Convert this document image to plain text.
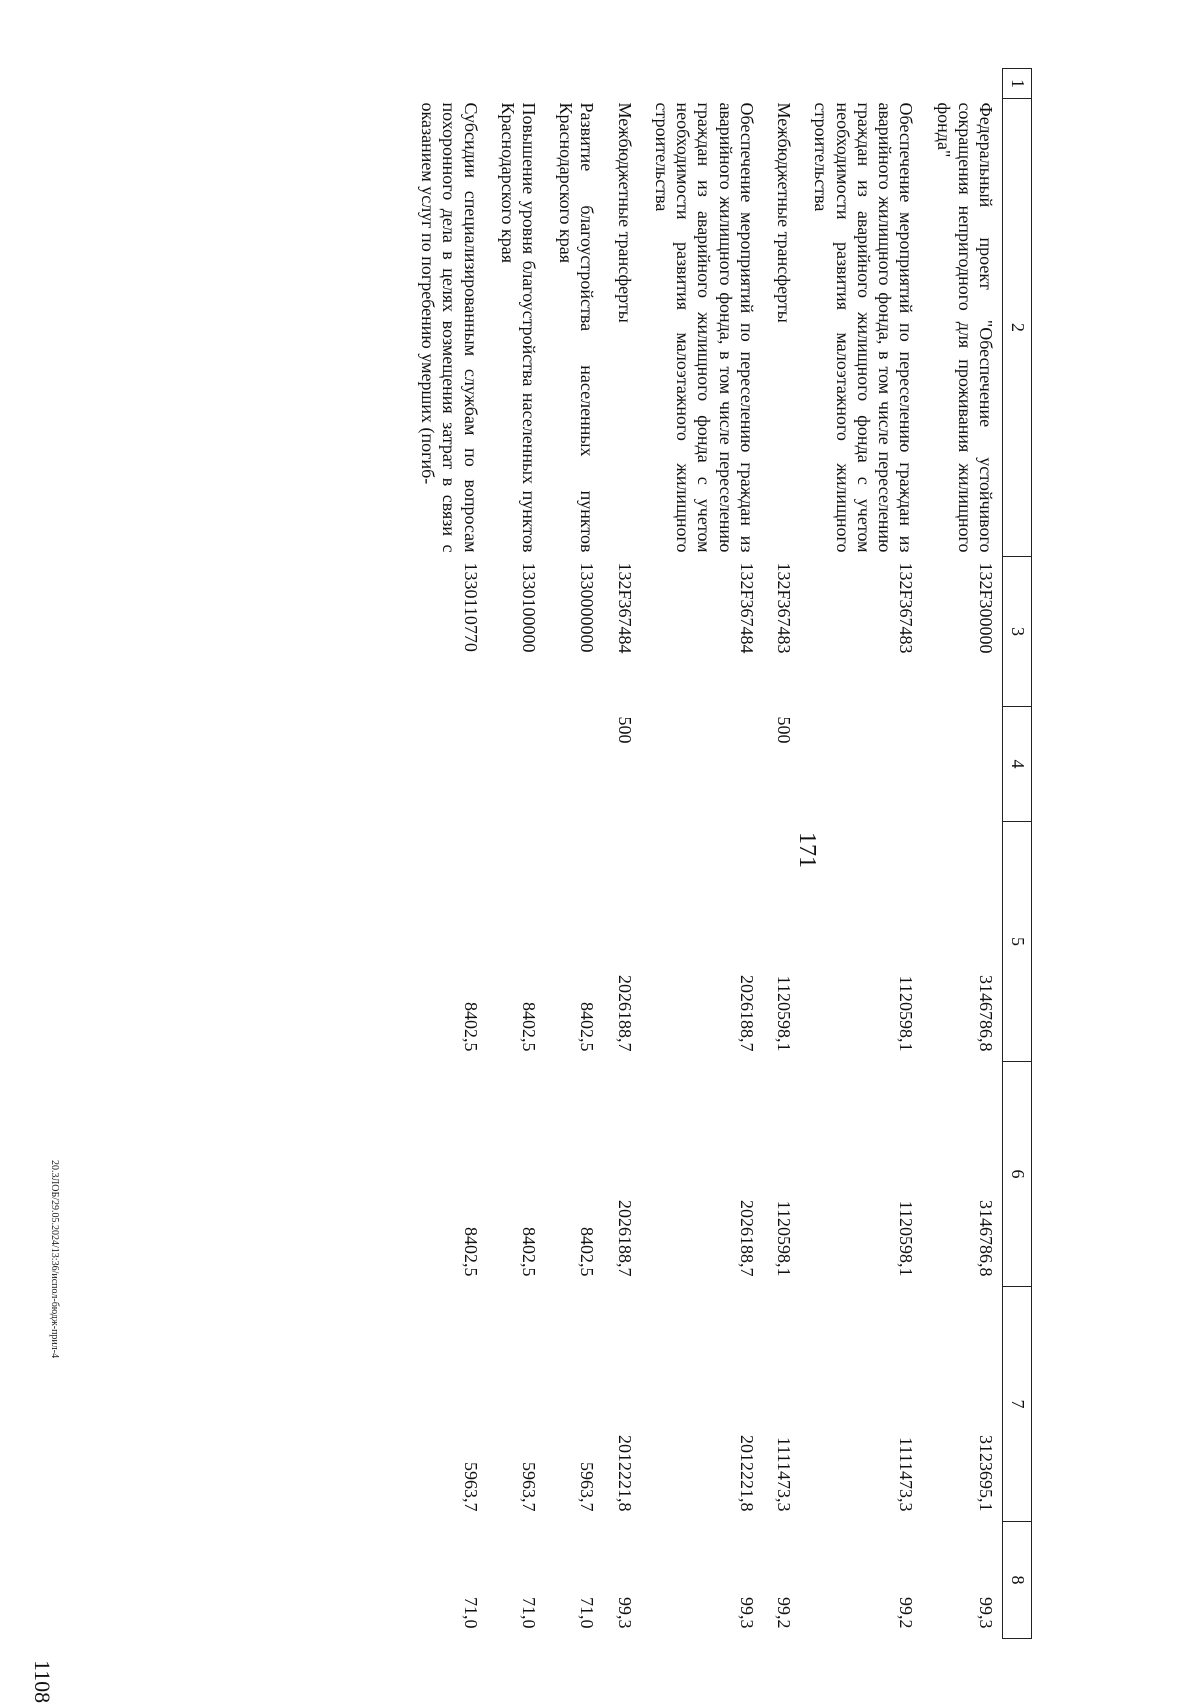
171
20.3ЛОБ/29.05.2024/13:36/испол-бюдж-прил-4
1108
1	2	3	4	5	6	7	8
	Федеральный проект "Обеспечение устойчивого сокращения непригодного для проживания жилищного фонда"	132F300000		3146786,8	3146786,8	3123695,1	99,3
	Обеспечение мероприятий по переселению граждан из аварийного жилищного фонда, в том числе переселению граждан из аварийного жилищного фонда с учетом необходимости развития малоэтажного жилищного строительства	132F367483		1120598,1	1120598,1	1111473,3	99,2
	Межбюджетные трансферты	132F367483	500	1120598,1	1120598,1	1111473,3	99,2
	Обеспечение мероприятий по переселению граждан из аварийного жилищного фонда, в том числе переселению граждан из аварийного жилищного фонда с учетом необходимости развития малоэтажного жилищного строительства	132F367484		2026188,7	2026188,7	2012221,8	99,3
	Межбюджетные трансферты	132F367484	500	2026188,7	2026188,7	2012221,8	99,3
	Развитие благоустройства населенных пунктов Краснодарского края	1330000000		8402,5	8402,5	5963,7	71,0
	Повышение уровня благоустройства населенных пунктов Краснодарского края	1330100000		8402,5	8402,5	5963,7	71,0
	Субсидии специализированным службам по вопросам похоронного дела в целях возмещения затрат в связи с оказанием услуг по погребению умерших (погиб-	1330110770		8402,5	8402,5	5963,7	71,0
